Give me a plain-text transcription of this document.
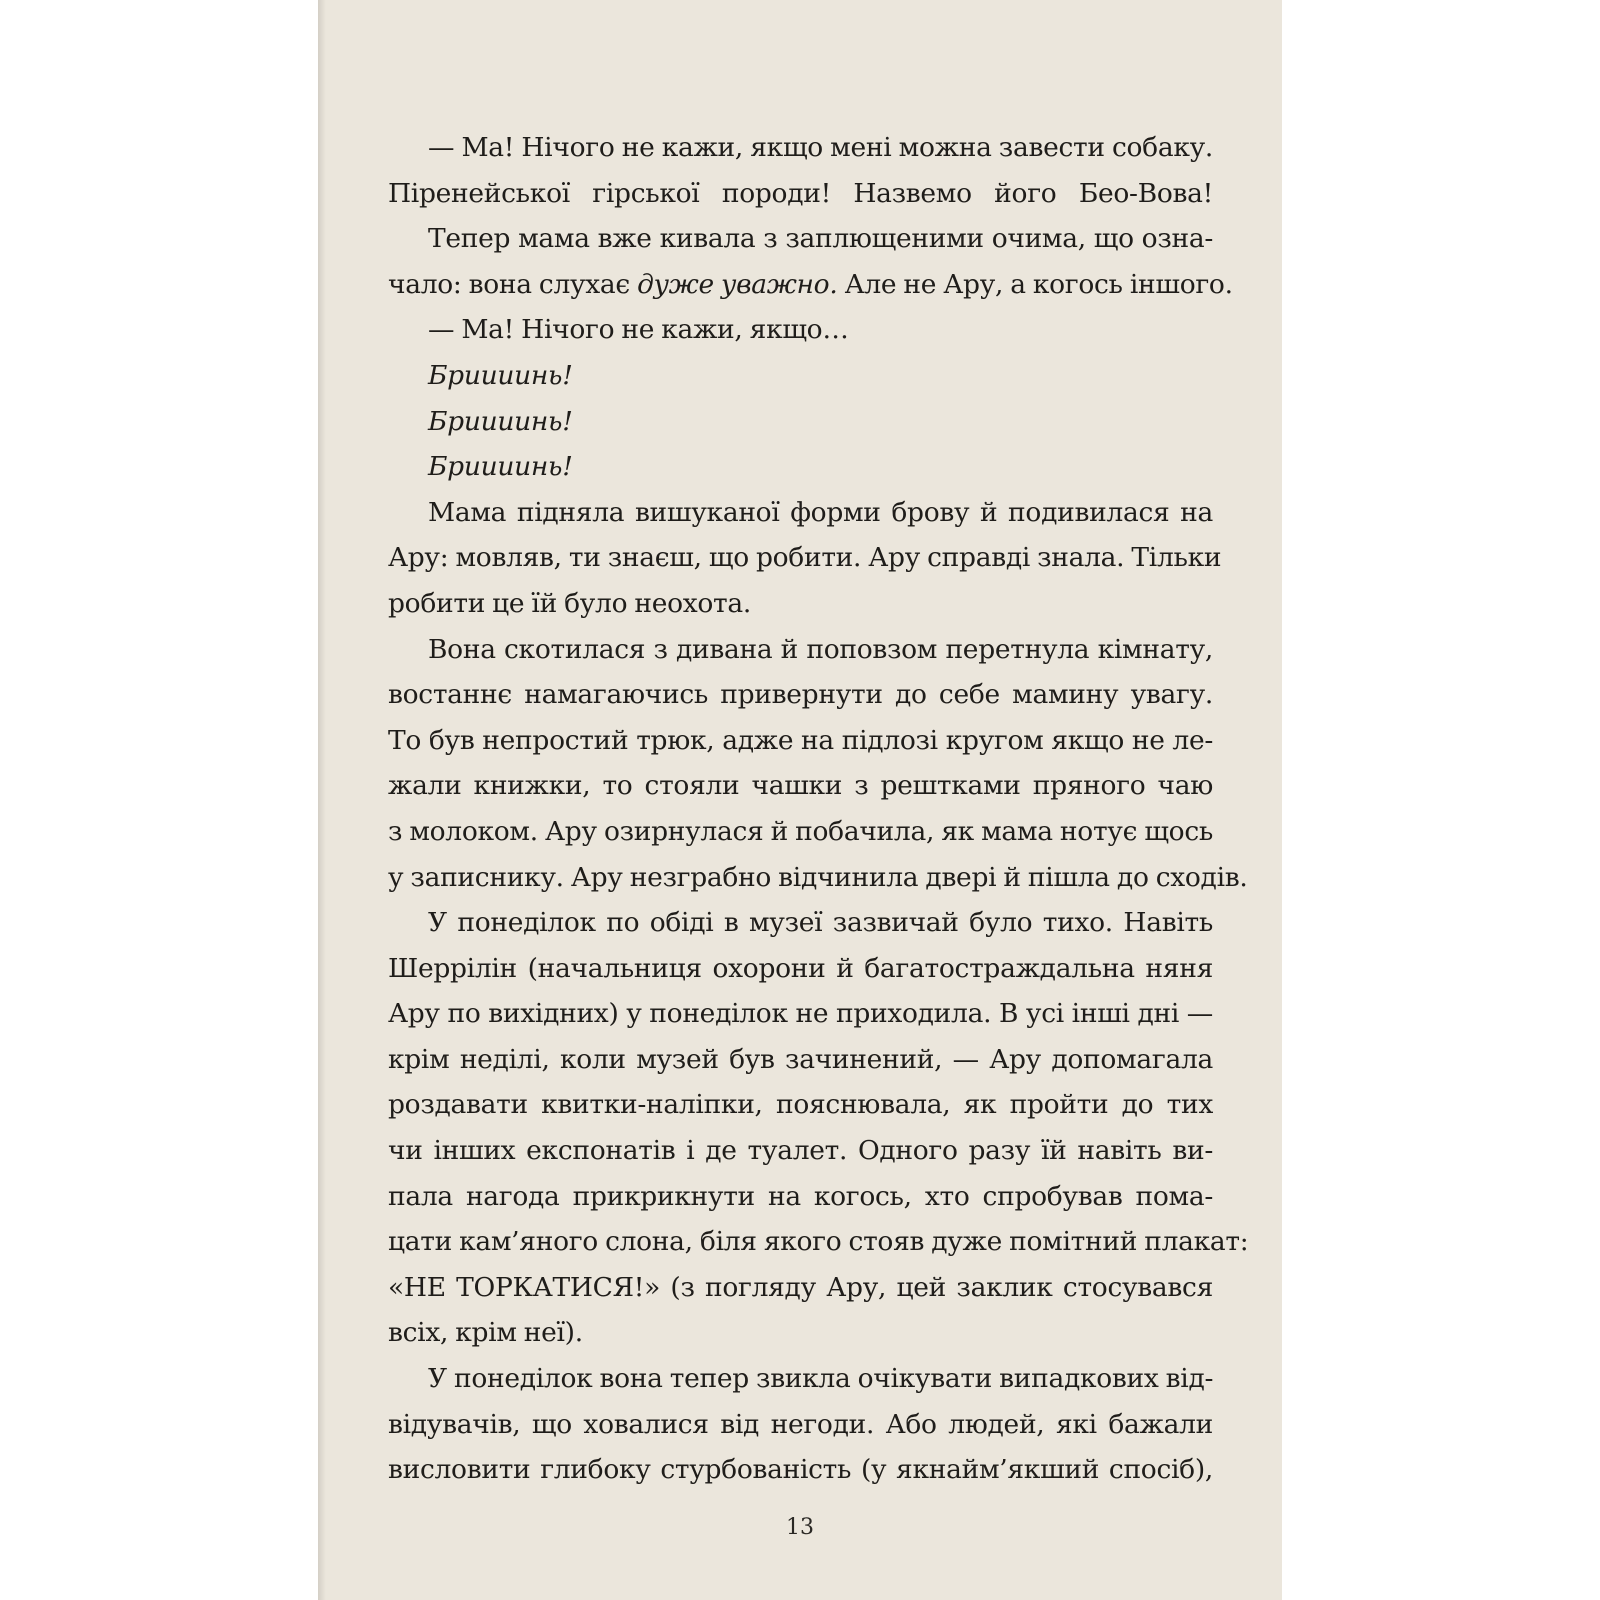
— Ма! Нічого не кажи, якщо мені можна завести собаку.
Піренейської гірської породи! Назвемо його Бео-Вова!
Тепер мама вже кивала з заплющеними очима, що озна-
чало: вона слухає дуже уважно. Але не Ару, а когось іншого.
— Ма! Нічого не кажи, якщо…
Бриииинь!
Бриииинь!
Бриииинь!
Мама підняла вишуканої форми брову й подивилася на
Ару: мовляв, ти знаєш, що робити. Ару справді знала. Тільки
робити це їй було неохота.
Вона скотилася з дивана й поповзом перетнула кімнату,
востаннє намагаючись привернути до себе мамину увагу.
То був непростий трюк, адже на підлозі кругом якщо не ле-
жали книжки, то стояли чашки з рештками пряного чаю
з молоком. Ару озирнулася й побачила, як мама нотує щось
у записнику. Ару незграбно відчинила двері й пішла до сходів.
У понеділок по обіді в музеї зазвичай було тихо. Навіть
Шеррілін (начальниця охорони й багатостраждальна няня
Ару по вихідних) у понеділок не приходила. В усі інші дні —
крім неділі, коли музей був зачинений, — Ару допомагала
роздавати квитки-наліпки, пояснювала, як пройти до тих
чи інших експонатів і де туалет. Одного разу їй навіть ви-
пала нагода прикрикнути на когось, хто спробував пома-
цати кам’яного слона, біля якого стояв дуже помітний плакат:
«НЕ ТОРКАТИСЯ!» (з погляду Ару, цей заклик стосувався
всіх, крім неї).
У понеділок вона тепер звикла очікувати випадкових від-
відувачів, що ховалися від негоди. Або людей, які бажали
висловити глибоку стурбованість (у якнайм’якший спосіб),
13
